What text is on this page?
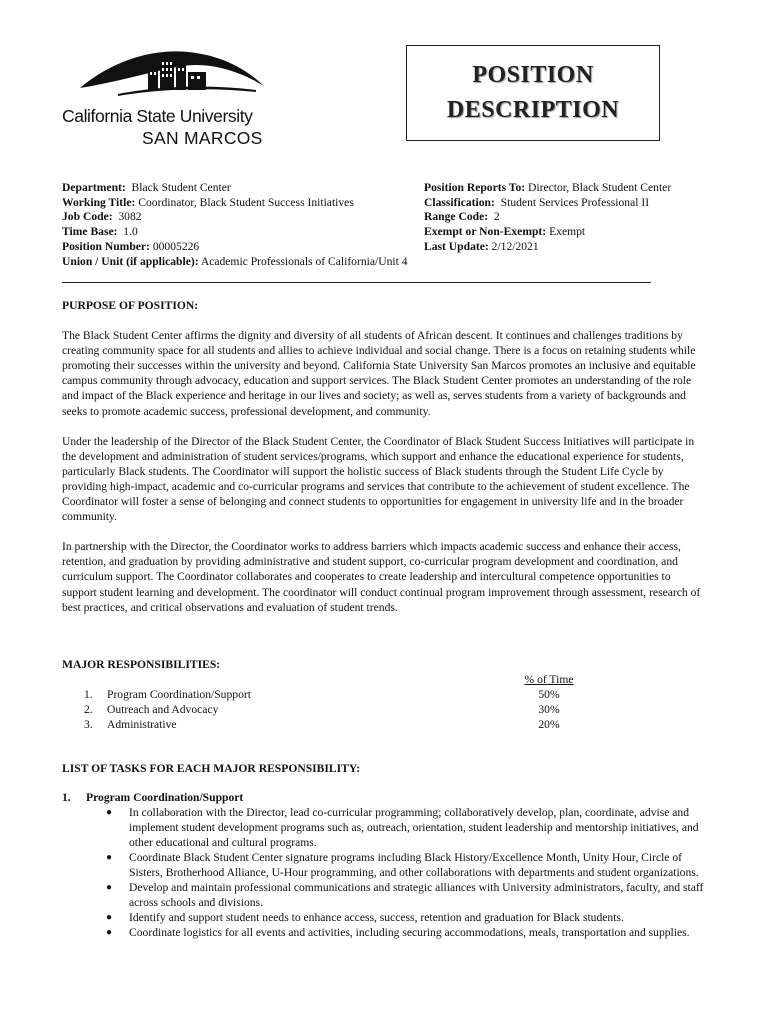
California State University
SAN MARCOS
POSITION
DESCRIPTION
Department: Black Student Center
Working Title: Coordinator, Black Student Success Initiatives
Job Code: 3082
Time Base: 1.0
Position Number: 00005226
Union / Unit (if applicable): Academic Professionals of California/Unit 4
Position Reports To: Director, Black Student Center
Classification: Student Services Professional II
Range Code: 2
Exempt or Non-Exempt: Exempt
Last Update: 2/12/2021
PURPOSE OF POSITION:

The Black Student Center affirms the dignity and diversity of all students of African descent. It continues and challenges traditions by creating community space for all students and allies to achieve individual and social change. There is a focus on retaining students while promoting their successes within the university and beyond. California State University San Marcos promotes an inclusive and equitable campus community through advocacy, education and support services. The Black Student Center promotes an understanding of the role and impact of the Black experience and heritage in our lives and society; as well as, serves students from a variety of backgrounds and seeks to promote academic success, professional development, and community.

Under the leadership of the Director of the Black Student Center, the Coordinator of Black Student Success Initiatives will participate in the development and administration of student services/programs, which support and enhance the educational experience for students, particularly Black students. The Coordinator will support the holistic success of Black students through the Student Life Cycle by providing high-impact, academic and co-curricular programs and services that contribute to the achievement of student excellence. The Coordinator will foster a sense of belonging and connect students to opportunities for engagement in university life and in the broader community.

In partnership with the Director, the Coordinator works to address barriers which impacts academic success and enhance their access, retention, and graduation by providing administrative and student support, co-curricular program development and coordination, and curriculum support. The Coordinator collaborates and cooperates to create leadership and intercultural competence opportunities to support student learning and development. The coordinator will conduct continual program improvement through assessment, research of best practices, and critical observations and evaluation of student trends.

MAJOR RESPONSIBILITIES:
% of Time
1. Program Coordination/Support	50%
2. Outreach and Advocacy	30%
3. Administrative	20%
LIST OF TASKS FOR EACH MAJOR RESPONSIBILITY:
1. Program Coordination/Support
● In collaboration with the Director, lead co-curricular programming; collaboratively develop, plan, coordinate, advise and implement student development programs such as, outreach, orientation, student leadership and mentorship initiatives, and other educational and cultural programs.
● Coordinate Black Student Center signature programs including Black History/Excellence Month, Unity Hour, Circle of Sisters, Brotherhood Alliance, U-Hour programming, and other collaborations with departments and student organizations.
● Develop and maintain professional communications and strategic alliances with University administrators, faculty, and staff across schools and divisions.
● Identify and support student needs to enhance access, success, retention and graduation for Black students.
● Coordinate logistics for all events and activities, including securing accommodations, meals, transportation and supplies.
